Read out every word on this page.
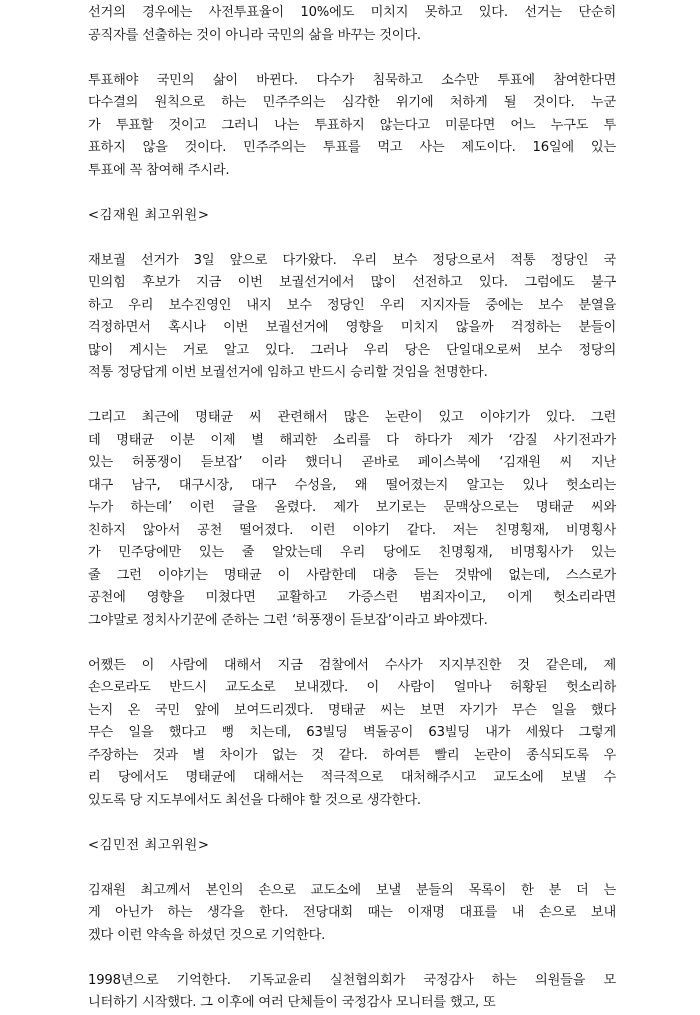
선거의 경우에는 사전투표율이 10%에도 미치지 못하고 있다. 선거는 단순히
공직자를 선출하는 것이 아니라 국민의 삶을 바꾸는 것이다.
투표해야 국민의 삶이 바뀐다. 다수가 침묵하고 소수만 투표에 참여한다면
다수결의 원칙으로 하는 민주주의는 심각한 위기에 처하게 될 것이다. 누군
가 투표할 것이고 그러니 나는 투표하지 않는다고 미룬다면 어느 누구도 투
표하지 않을 것이다. 민주주의는 투표를 먹고 사는 제도이다. 16일에 있는
투표에 꼭 참여해 주시라.
<김재원 최고위원>
재보궐 선거가 3일 앞으로 다가왔다. 우리 보수 정당으로서 적통 정당인 국
민의힘 후보가 지금 이번 보궐선거에서 많이 선전하고 있다. 그럼에도 불구
하고 우리 보수진영인 내지 보수 정당인 우리 지지자들 중에는 보수 분열을
걱정하면서 혹시나 이번 보궐선거에 영향을 미치지 않을까 걱정하는 분들이
많이 계시는 거로 알고 있다. 그러나 우리 당은 단일대오로써 보수 정당의
적통 정당답게 이번 보궐선거에 임하고 반드시 승리할 것임을 천명한다.
그리고 최근에 명태균 씨 관련해서 많은 논란이 있고 이야기가 있다. 그런
데 명태균 이분 이제 별 해괴한 소리를 다 하다가 제가 ‘감질 사기전과가
있는 허풍쟁이 듣보잡’ 이라 했더니 곧바로 페이스북에 ‘김재원 씨 지난
대구 남구, 대구시장, 대구 수성을, 왜 떨어졌는지 알고는 있나 헛소리는
누가 하는데’ 이런 글을 올렸다. 제가 보기로는 문맥상으로는 명태균 씨와
친하지 않아서 공천 떨어졌다. 이런 이야기 같다. 저는 친명횡재, 비명횡사
가 민주당에만 있는 줄 알았는데 우리 당에도 친명횡재, 비명횡사가 있는
줄 그런 이야기는 명태균 이 사람한데 대충 듣는 것밖에 없는데, 스스로가
공천에 영향을 미쳤다면 교활하고 가증스런 범죄자이고, 이게 헛소리라면
그야말로 정치사기꾼에 준하는 그런 ‘허풍쟁이 듣보잡’이라고 봐야겠다.
어쨌든 이 사람에 대해서 지금 검찰에서 수사가 지지부진한 것 같은데, 제
손으로라도 반드시 교도소로 보내겠다. 이 사람이 얼마나 허황된 헛소리하
는지 온 국민 앞에 보여드리겠다. 명태균 씨는 보면 자기가 무슨 일을 했다
무슨 일을 했다고 뻥 치는데, 63빌딩 벽돌공이 63빌딩 내가 세웠다 그렇게
주장하는 것과 별 차이가 없는 것 같다. 하여튼 빨리 논란이 종식되도록 우
리 당에서도 명태균에 대해서는 적극적으로 대처해주시고 교도소에 보낼 수
있도록 당 지도부에서도 최선을 다해야 할 것으로 생각한다.
<김민전 최고위원>
김재원 최고께서 본인의 손으로 교도소에 보낼 분들의 목록이 한 분 더 는
게 아닌가 하는 생각을 한다. 전당대회 때는 이재명 대표를 내 손으로 보내
겠다 이런 약속을 하셨던 것으로 기억한다.
1998년으로 기억한다. 기독교윤리 실천협의회가 국정감사 하는 의원들을 모
니터하기 시작했다. 그 이후에 여러 단체들이 국정감사 모니터를 했고, 또
